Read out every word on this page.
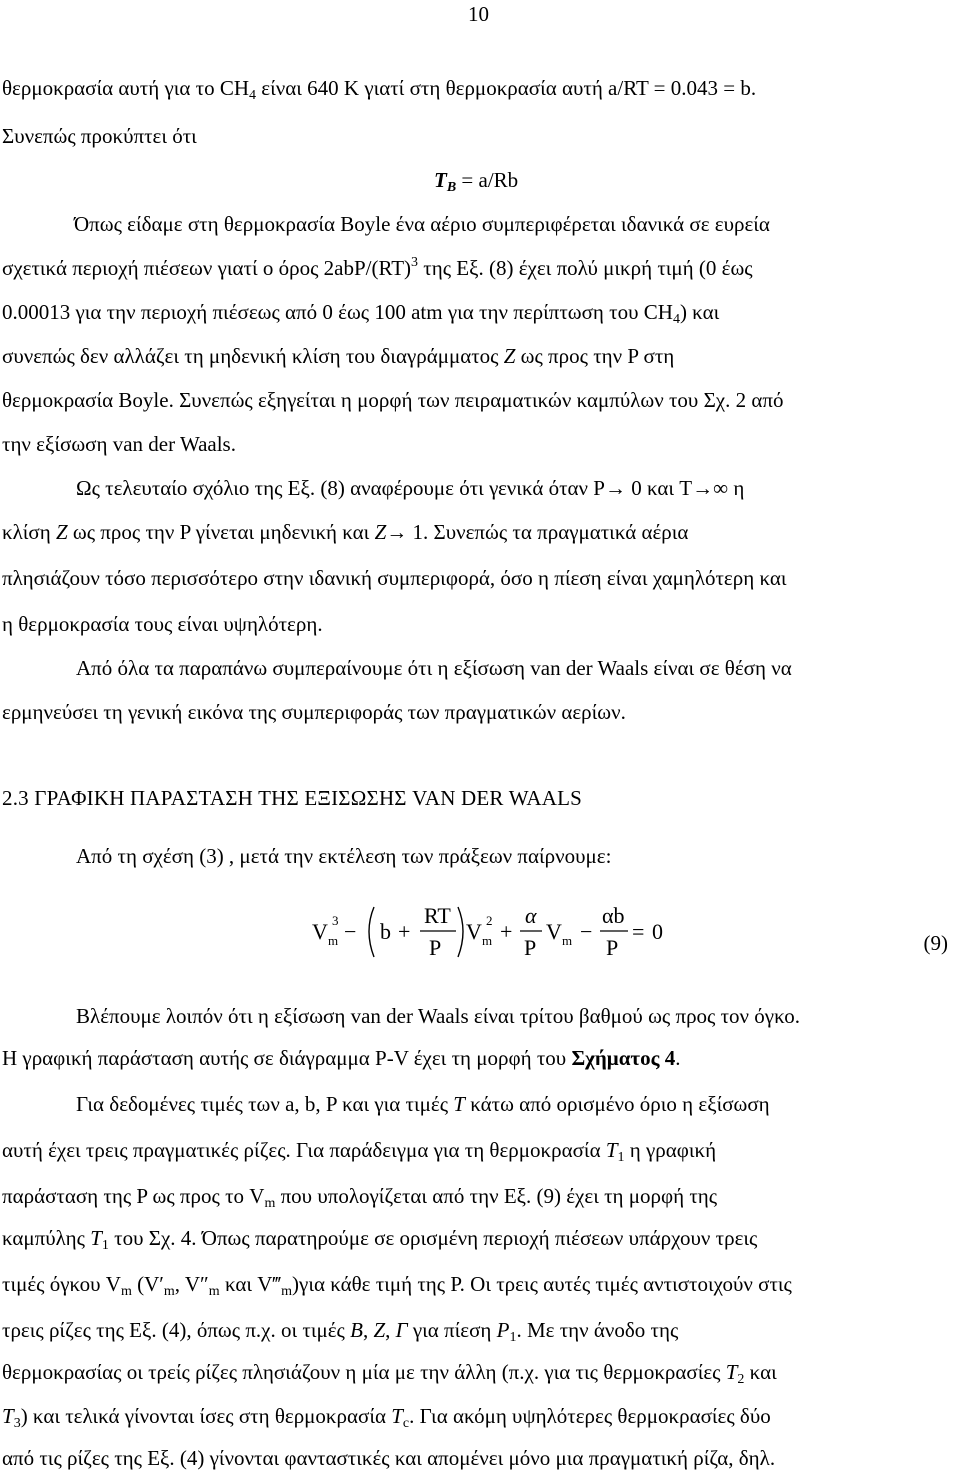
10
θερμοκρασία αυτή για το $CH_4$ είναι 640 K γιατί στη θερμοκρασία αυτή a/RT = 0.043 = b.
Συνεπώς προκύπτει ότι
$T_B = a/Rb$
Όπως είδαμε στη θερμοκρασία Boyle ένα αέριο συμπεριφέρεται ιδανικά σε ευρεία
σχετικά περιοχή πιέσεων γιατί ο όρος 2abP/(RT)$^3$ της Εξ. (8) έχει πολύ μικρή τιμή (0 έως
0.00013 για την περιοχή πιέσεως από 0 έως 100 atm για την περίπτωση του $CH_4$) και
συνεπώς δεν αλλάζει τη μηδενική κλίση του διαγράμματος Z ως προς την P στη
θερμοκρασία Boyle. Συνεπώς εξηγείται η μορφή των πειραματικών καμπύλων του Σχ. 2 από
την εξίσωση van der Waals.
Ως τελευταίο σχόλιο της Εξ. (8) αναφέρουμε ότι γενικά όταν P→ 0 και T→∞ η
κλίση Z ως προς την P γίνεται μηδενική και Z→ 1. Συνεπώς τα πραγματικά αέρια
πλησιάζουν τόσο περισσότερο στην ιδανική συμπεριφορά, όσο η πίεση είναι χαμηλότερη και
η θερμοκρασία τους είναι υψηλότερη.
Από όλα τα παραπάνω συμπεραίνουμε ότι η εξίσωση van der Waals είναι σε θέση να
ερμηνεύσει τη γενική εικόνα της συμπεριφοράς των πραγματικών αερίων.
2.3 ΓΡΑΦΙΚΗ ΠΑΡΑΣΤΑΣΗ ΤΗΣ ΕΞΙΣΩΣΗΣ VAN DER WAALS
Από τη σχέση (3) , μετά την εκτέλεση των πράξεων παίρνουμε:
V m
3 − b +
RT
P
V m
2 +
α
P
V m −
αb
P
= 0	(9)
Βλέπουμε λοιπόν ότι η εξίσωση van der Waals είναι τρίτου βαθμού ως προς τον όγκο.
Η γραφική παράσταση αυτής σε διάγραμμα P-V έχει τη μορφή του Σχήματος 4.
Για δεδομένες τιμές των a, b, P και για τιμές T κάτω από ορισμένο όριο η εξίσωση
αυτή έχει τρεις πραγματικές ρίζες. Για παράδειγμα για τη θερμοκρασία $T_1$ η γραφική
παράσταση της P ως προς το $V_m$ που υπολογίζεται από την Εξ. (9) έχει τη μορφή της
καμπύλης $T_1$ του Σχ. 4. Όπως παρατηρούμε σε ορισμένη περιοχή πιέσεων υπάρχουν τρεις
τιμές όγκου $V_m$ ($V'_m$, $V''_m$ και $V‴_m)\gamma\iota\alpha$ κάθε τιμή της P. Οι τρεις αυτές τιμές αντιστοιχούν στις
τρεις ρίζες της Εξ. (4), όπως π.χ. οι τιμές B, Z, Γ για πίεση $P_1$. Με την άνοδο της
θερμοκρασίας οι τρείς ρίζες πλησιάζουν η μία με την άλλη (π.χ. για τις θερμοκρασίες $T_2$ και
$T_3$) και τελικά γίνονται ίσες στη θερμοκρασία $T_c$. Για ακόμη υψηλότερες θερμοκρασίες δύο
από τις ρίζες της Εξ. (4) γίνονται φανταστικές και απομένει μόνο μια πραγματική ρίζα, δηλ.
